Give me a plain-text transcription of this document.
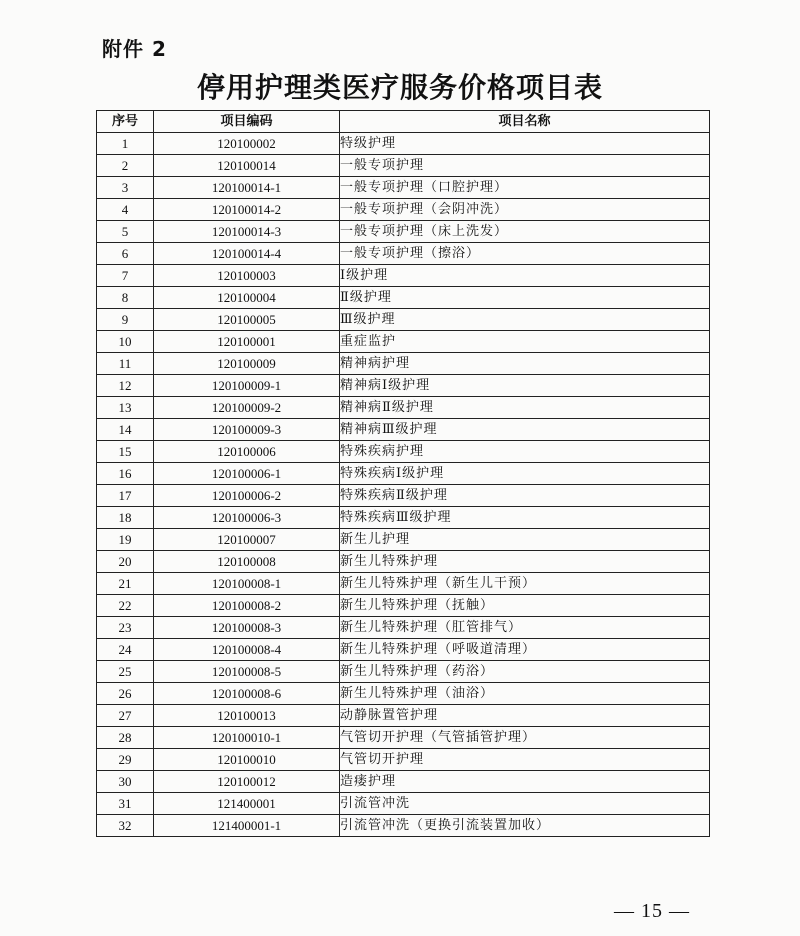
附件 2
停用护理类医疗服务价格项目表
序号	项目编码	项目名称
1	120100002	特级护理
2	120100014	一般专项护理
3	120100014-1	一般专项护理（口腔护理）
4	120100014-2	一般专项护理（会阴冲洗）
5	120100014-3	一般专项护理（床上洗发）
6	120100014-4	一般专项护理（擦浴）
7	120100003	Ⅰ级护理
8	120100004	Ⅱ级护理
9	120100005	Ⅲ级护理
10	120100001	重症监护
11	120100009	精神病护理
12	120100009-1	精神病Ⅰ级护理
13	120100009-2	精神病Ⅱ级护理
14	120100009-3	精神病Ⅲ级护理
15	120100006	特殊疾病护理
16	120100006-1	特殊疾病Ⅰ级护理
17	120100006-2	特殊疾病Ⅱ级护理
18	120100006-3	特殊疾病Ⅲ级护理
19	120100007	新生儿护理
20	120100008	新生儿特殊护理
21	120100008-1	新生儿特殊护理（新生儿干预）
22	120100008-2	新生儿特殊护理（抚触）
23	120100008-3	新生儿特殊护理（肛管排气）
24	120100008-4	新生儿特殊护理（呼吸道清理）
25	120100008-5	新生儿特殊护理（药浴）
26	120100008-6	新生儿特殊护理（油浴）
27	120100013	动静脉置管护理
28	120100010-1	气管切开护理（气管插管护理）
29	120100010	气管切开护理
30	120100012	造瘘护理
31	121400001	引流管冲洗
32	121400001-1	引流管冲洗（更换引流装置加收）
— 15 —
